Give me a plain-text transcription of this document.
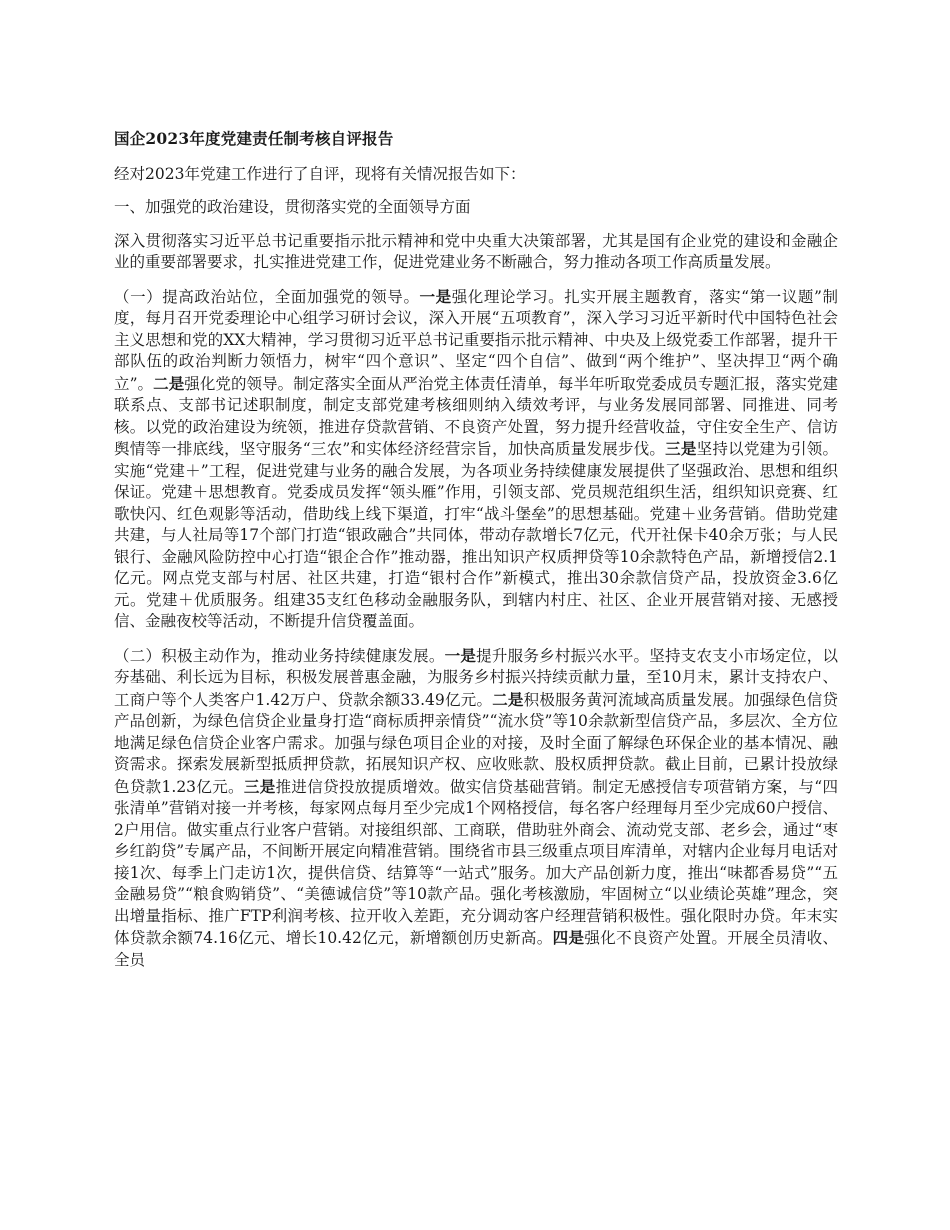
国企2023年度党建责任制考核自评报告
经对2023年党建工作进行了自评，现将有关情况报告如下：
一、加强党的政治建设，贯彻落实党的全面领导方面
深入贯彻落实习近平总书记重要指示批示精神和党中央重大决策部署，尤其是国有企业党的建设和金融企业的重要部署要求，扎实推进党建工作，促进党建业务不断融合，努力推动各项工作高质量发展。
（一）提高政治站位，全面加强党的领导。一是强化理论学习。扎实开展主题教育，落实“第一议题”制度，每月召开党委理论中心组学习研讨会议，深入开展“五项教育”，深入学习习近平新时代中国特色社会主义思想和党的XX大精神，学习贯彻习近平总书记重要指示批示精神、中央及上级党委工作部署，提升干部队伍的政治判断力领悟力，树牢“四个意识”、坚定“四个自信”、做到“两个维护”、坚决捍卫“两个确立”。二是强化党的领导。制定落实全面从严治党主体责任清单，每半年听取党委成员专题汇报，落实党建联系点、支部书记述职制度，制定支部党建考核细则纳入绩效考评，与业务发展同部署、同推进、同考核。以党的政治建设为统领，推进存贷款营销、不良资产处置，努力提升经营收益，守住安全生产、信访舆情等一排底线，坚守服务“三农”和实体经济经营宗旨，加快高质量发展步伐。三是坚持以党建为引领。实施“党建＋”工程，促进党建与业务的融合发展，为各项业务持续健康发展提供了坚强政治、思想和组织保证。党建＋思想教育。党委成员发挥“领头雁”作用，引领支部、党员规范组织生活，组织知识竞赛、红歌快闪、红色观影等活动，借助线上线下渠道，打牢“战斗堡垒”的思想基础。党建＋业务营销。借助党建共建，与人社局等17个部门打造“银政融合”共同体，带动存款增长7亿元，代开社保卡40余万张；与人民银行、金融风险防控中心打造“银企合作”推动器，推出知识产权质押贷等10余款特色产品，新增授信2.1亿元。网点党支部与村居、社区共建，打造“银村合作”新模式，推出30余款信贷产品，投放资金3.6亿元。党建＋优质服务。组建35支红色移动金融服务队，到辖内村庄、社区、企业开展营销对接、无感授信、金融夜校等活动，不断提升信贷覆盖面。
（二）积极主动作为，推动业务持续健康发展。一是提升服务乡村振兴水平。坚持支农支小市场定位，以夯基础、利长远为目标，积极发展普惠金融，为服务乡村振兴持续贡献力量，至10月末，累计支持农户、工商户等个人类客户1.42万户、贷款余额33.49亿元。二是积极服务黄河流域高质量发展。加强绿色信贷产品创新，为绿色信贷企业量身打造“商标质押亲情贷”“流水贷”等10余款新型信贷产品，多层次、全方位地满足绿色信贷企业客户需求。加强与绿色项目企业的对接，及时全面了解绿色环保企业的基本情况、融资需求。探索发展新型抵质押贷款，拓展知识产权、应收账款、股权质押贷款。截止目前，已累计投放绿色贷款1.23亿元。三是推进信贷投放提质增效。做实信贷基础营销。制定无感授信专项营销方案，与“四张清单”营销对接一并考核，每家网点每月至少完成1个网格授信，每名客户经理每月至少完成60户授信、2户用信。做实重点行业客户营销。对接组织部、工商联，借助驻外商会、流动党支部、老乡会，通过“枣乡红韵贷”专属产品，不间断开展定向精准营销。围绕省市县三级重点项目库清单，对辖内企业每月电话对接1次、每季上门走访1次，提供信贷、结算等“一站式”服务。加大产品创新力度，推出“味都香易贷”“五金融易贷”“粮食购销贷”、“美德诚信贷”等10款产品。强化考核激励，牢固树立“以业绩论英雄”理念，突出增量指标、推广FTP利润考核、拉开收入差距，充分调动客户经理营销积极性。强化限时办贷。年末实体贷款余额74.16亿元、增长10.42亿元，新增额创历史新高。四是强化不良资产处置。开展全员清收、全员
